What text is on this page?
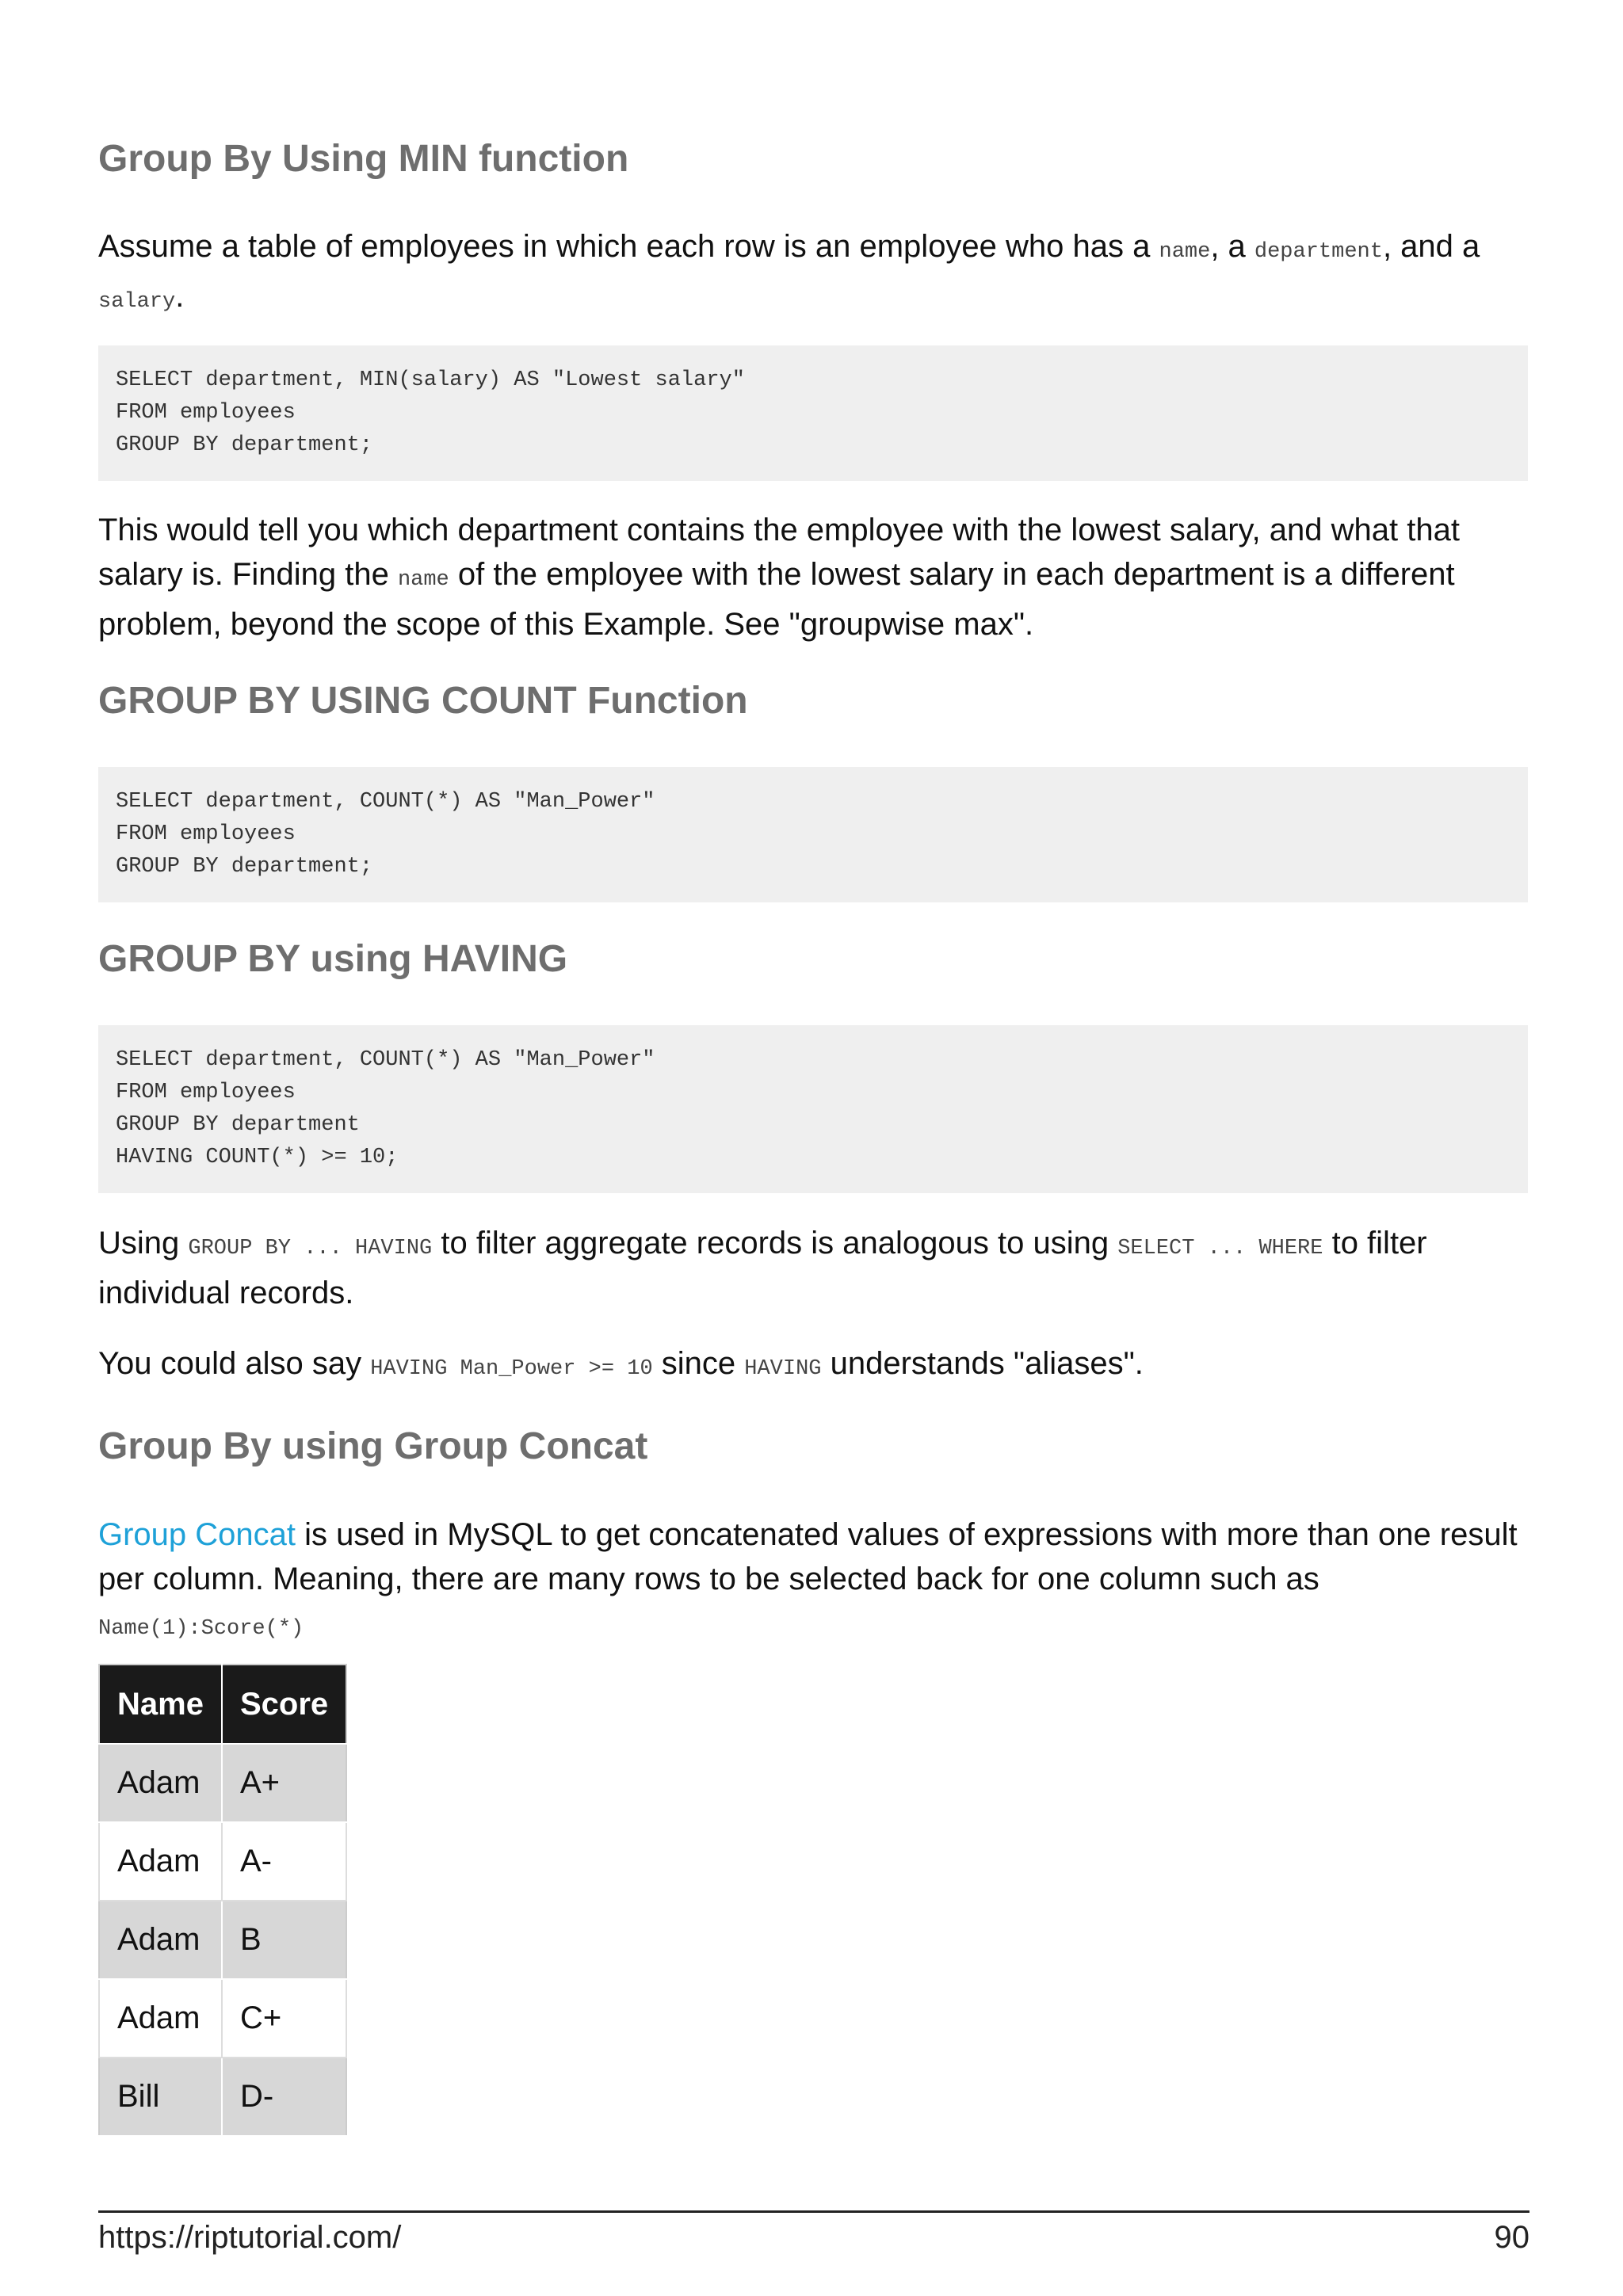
Group By Using MIN function

Assume a table of employees in which each row is an employee who has a name, a department, and a salary.

SELECT department, MIN(salary) AS "Lowest salary"
FROM employees
GROUP BY department;

This would tell you which department contains the employee with the lowest salary, and what that salary is. Finding the name of the employee with the lowest salary in each department is a different problem, beyond the scope of this Example. See "groupwise max".

GROUP BY USING COUNT Function
SELECT department, COUNT(*) AS "Man_Power"
FROM employees
GROUP BY department;
GROUP BY using HAVING
SELECT department, COUNT(*) AS "Man_Power"
FROM employees
GROUP BY department
HAVING COUNT(*) >= 10;

Using GROUP BY ... HAVING to filter aggregate records is analogous to using SELECT ... WHERE to filter individual records.

You could also say HAVING Man_Power >= 10 since HAVING understands "aliases".

Group By using Group Concat

Group Concat is used in MySQL to get concatenated values of expressions with more than one result per column. Meaning, there are many rows to be selected back for one column such as Name(1):Score(*)

Name	Score
Adam	A+
Adam	A-
Adam	B
Adam	C+
Bill	D-
https://riptutorial.com/	90
